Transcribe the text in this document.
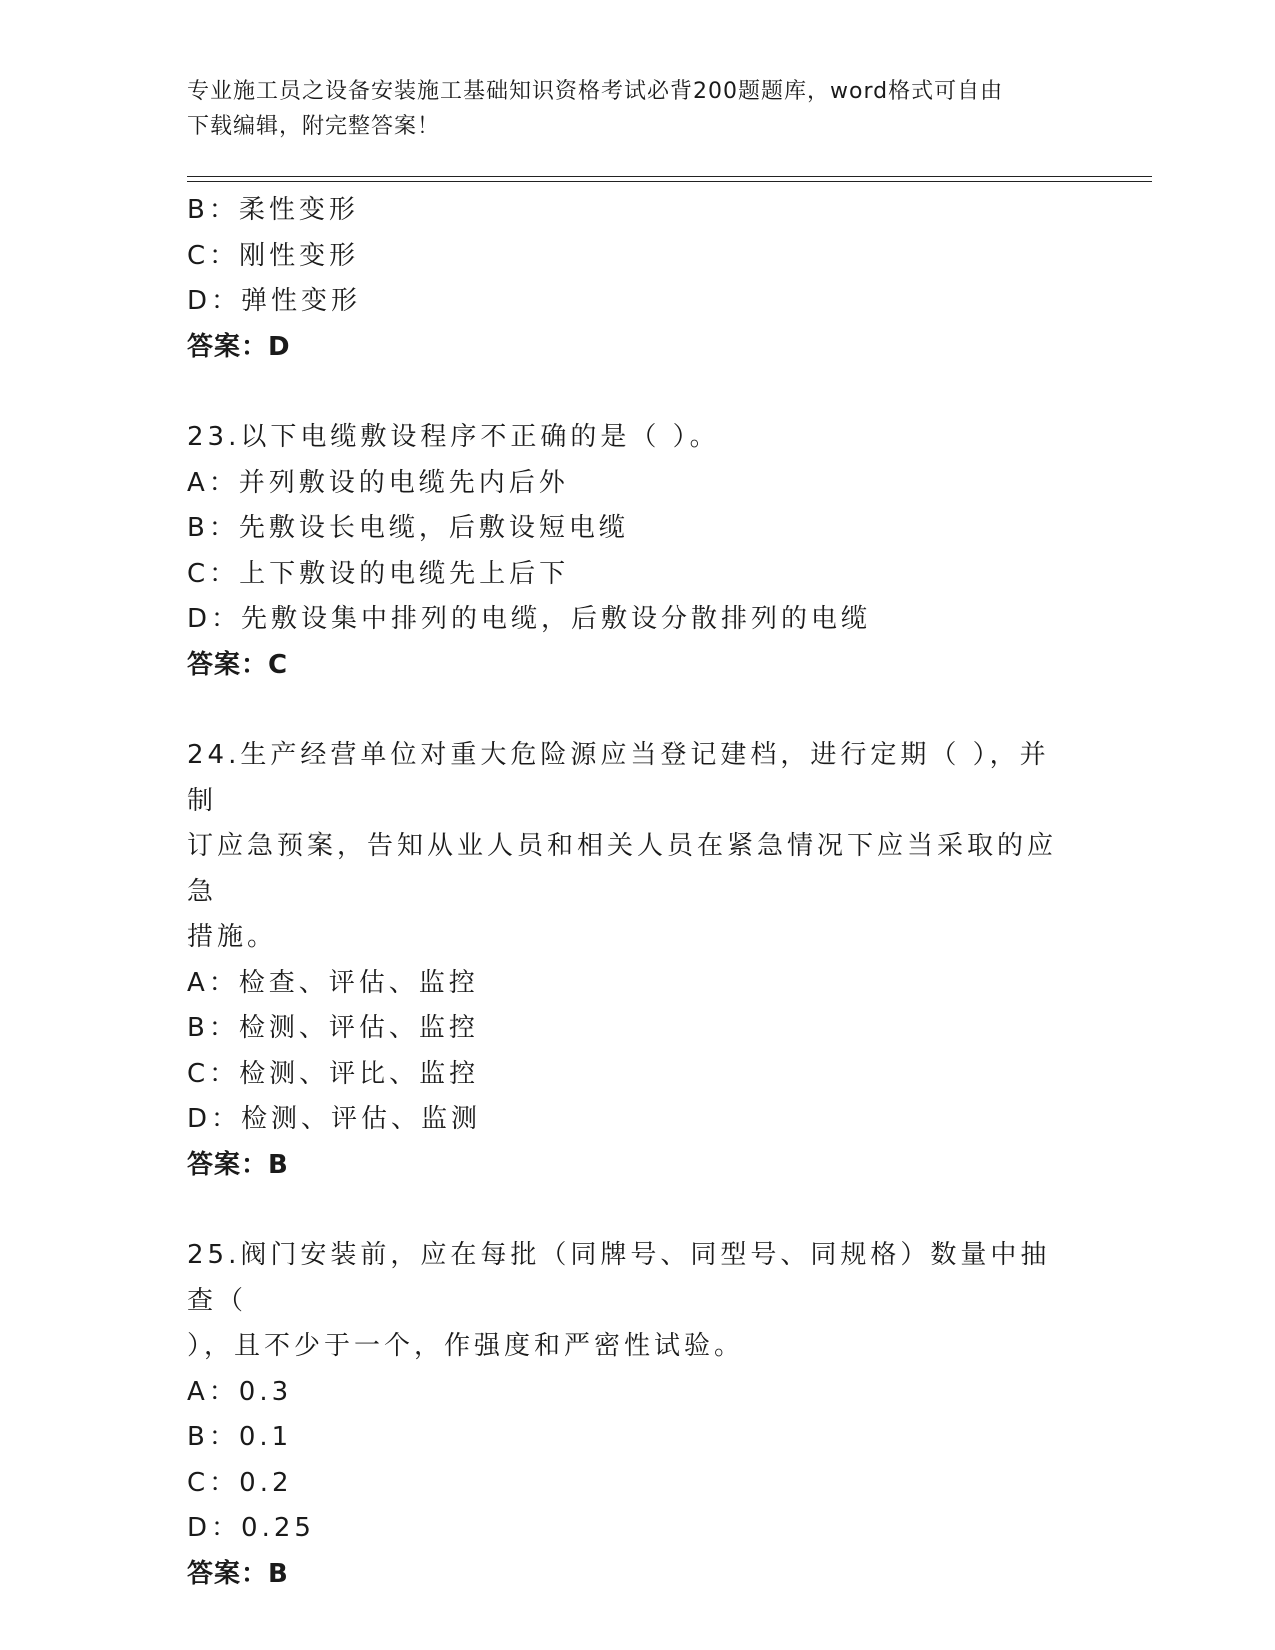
专业施工员之设备安装施工基础知识资格考试必背200题题库，word格式可自由
下载编辑，附完整答案！
B：柔性变形
C：刚性变形
D：弹性变形
答案：D
23.以下电缆敷设程序不正确的是（ ）。
A：并列敷设的电缆先内后外
B：先敷设长电缆，后敷设短电缆
C：上下敷设的电缆先上后下
D：先敷设集中排列的电缆，后敷设分散排列的电缆
答案：C
24.生产经营单位对重大危险源应当登记建档，进行定期（ ），并制
订应急预案，告知从业人员和相关人员在紧急情况下应当采取的应急
措施。
A：检查、评估、监控
B：检测、评估、监控
C：检测、评比、监控
D：检测、评估、监测
答案：B
25.阀门安装前，应在每批（同牌号、同型号、同规格）数量中抽查（
），且不少于一个，作强度和严密性试验。
A：0.3
B：0.1
C：0.2
D：0.25
答案：B
